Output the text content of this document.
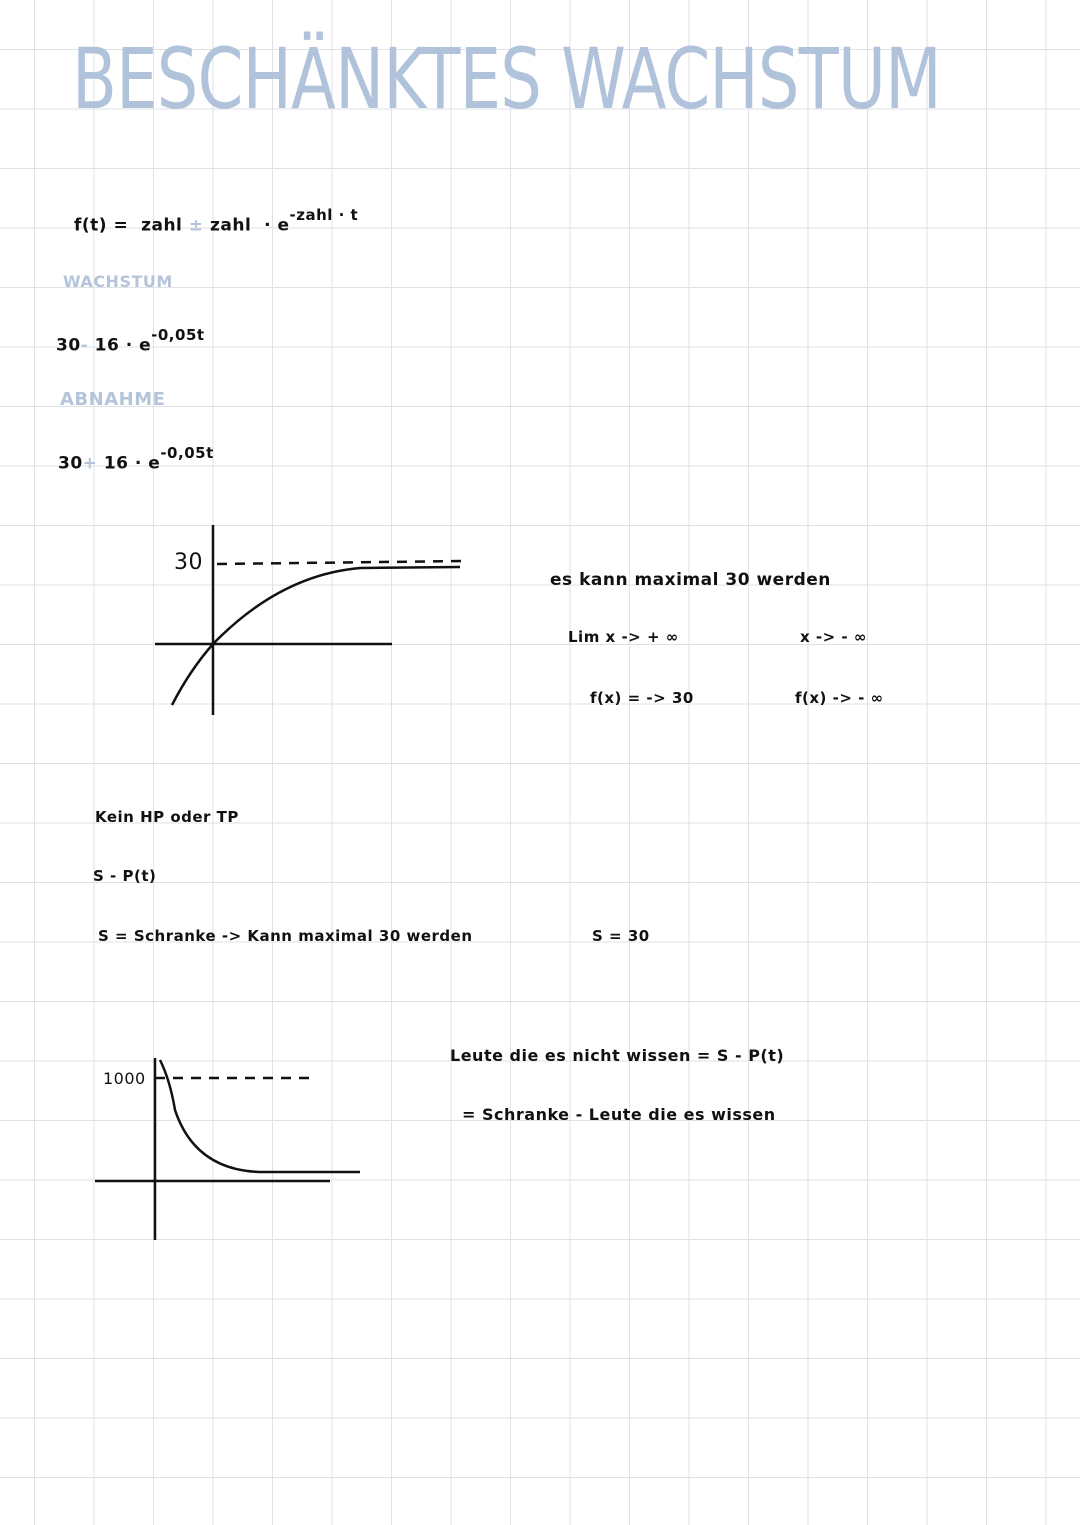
BESCHÄNKTES WACHSTUM
f(t) = zahl ± zahl · $e^{-zahl \cdot t}$
WACHSTUM
30- $16 \cdot e^{-0,05t}$
ABNAHME
$30+ 16 \cdot e^{-0,05t}$
30
1000
es kann maximal 30 werden
Lim x -> + ∞	x -> - ∞
f(x) = -> 30	f(x) -> - ∞
Kein HP oder TP
S - P(t)
S = Schranke -> Kann maximal 30 werden	S = 30
Leute die es nicht wissen = S - P(t)
= Schranke - Leute die es wissen
